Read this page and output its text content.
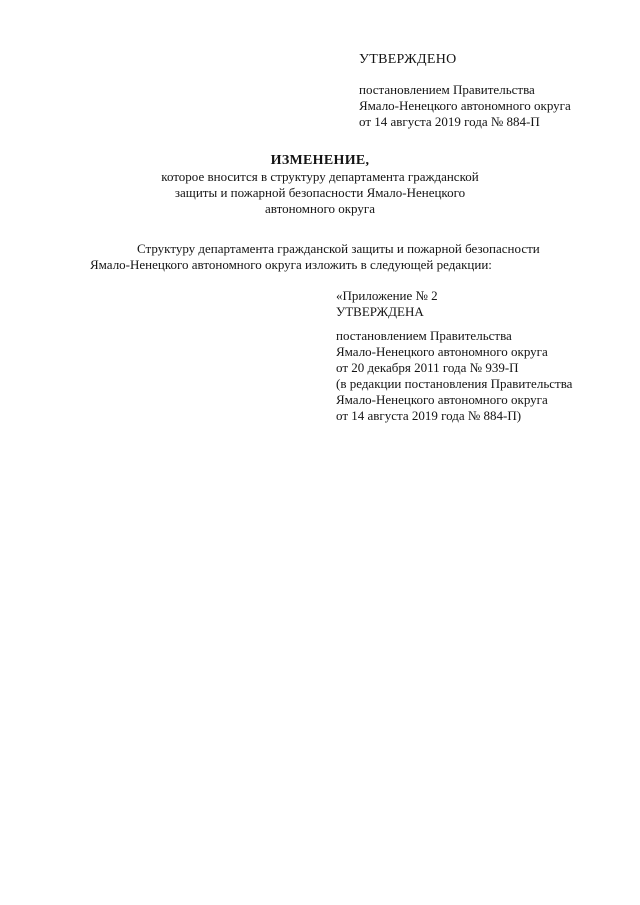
УТВЕРЖДЕНО
постановлением Правительства
Ямало-Ненецкого автономного округа
от 14 августа 2019 года № 884-П
ИЗМЕНЕНИЕ,
которое вносится в структуру департамента гражданской
защиты и пожарной безопасности Ямало-Ненецкого
автономного округа
Структуру департамента гражданской защиты и пожарной безопасности
Ямало-Ненецкого автономного округа изложить в следующей редакции:
«Приложение № 2
УТВЕРЖДЕНА
постановлением Правительства
Ямало-Ненецкого автономного округа
от 20 декабря 2011 года № 939-П
(в редакции постановления Правительства
Ямало-Ненецкого автономного округа
от 14 августа 2019 года № 884-П)
